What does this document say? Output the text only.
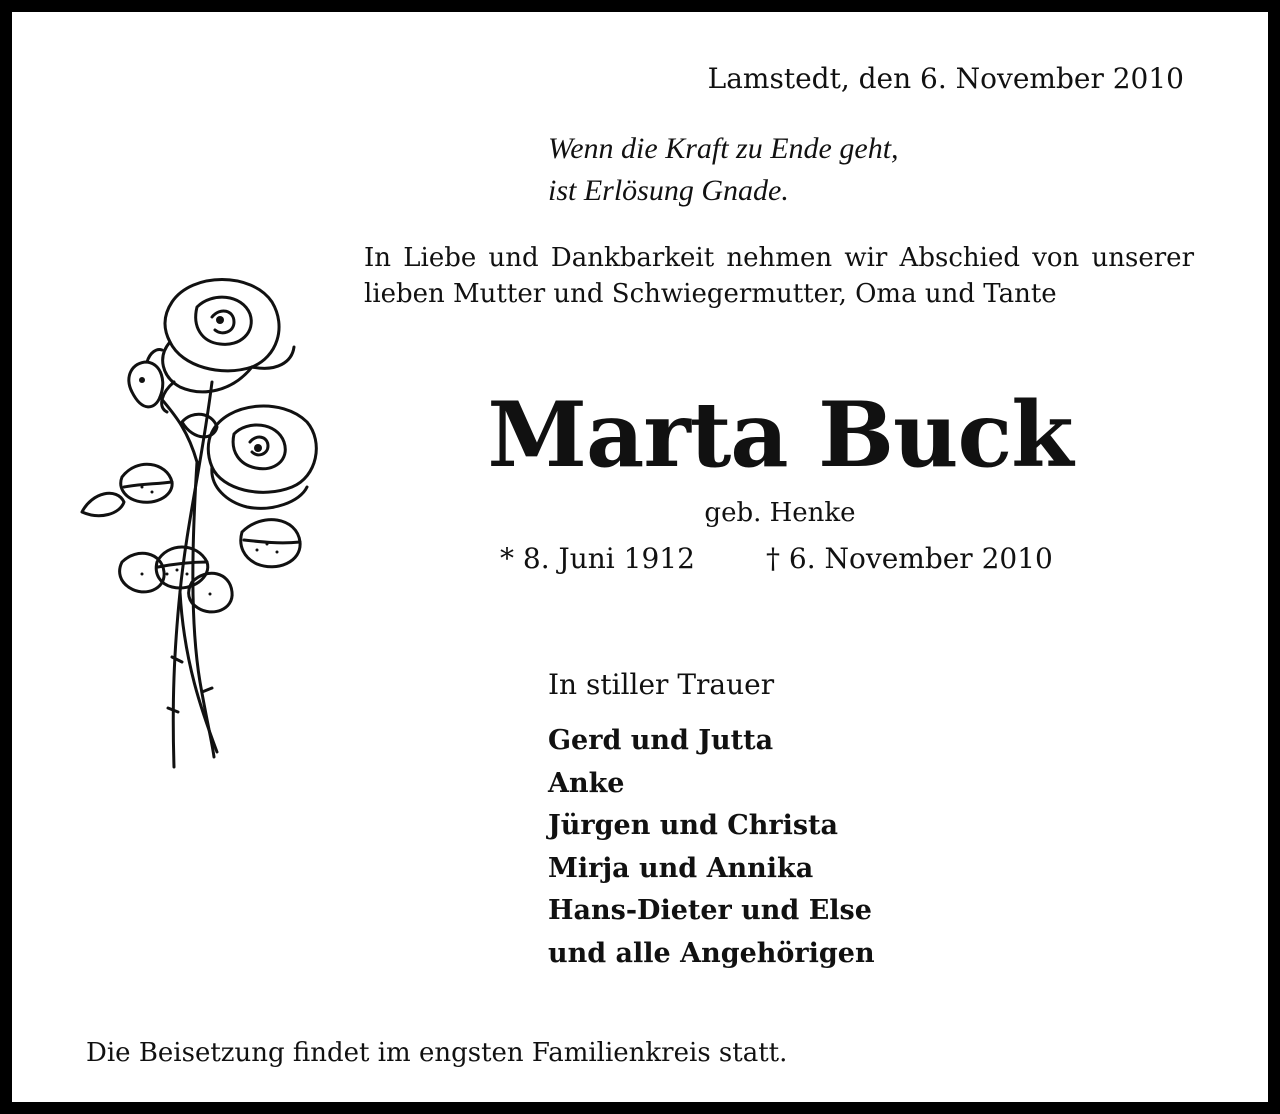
Lamstedt, den 6. November 2010
Wenn die Kraft zu Ende geht,
ist Erlösung Gnade.
In Liebe und Dankbarkeit nehmen wir Abschied von unserer lieben Mutter und Schwiegermutter, Oma und Tante
Marta Buck
geb. Henke
* 8. Juni 1912	† 6. November 2010
In stiller Trauer
Gerd und Jutta
Anke
Jürgen und Christa
Mirja und Annika
Hans-Dieter und Else
und alle Angehörigen
Die Beisetzung findet im engsten Familienkreis statt.
